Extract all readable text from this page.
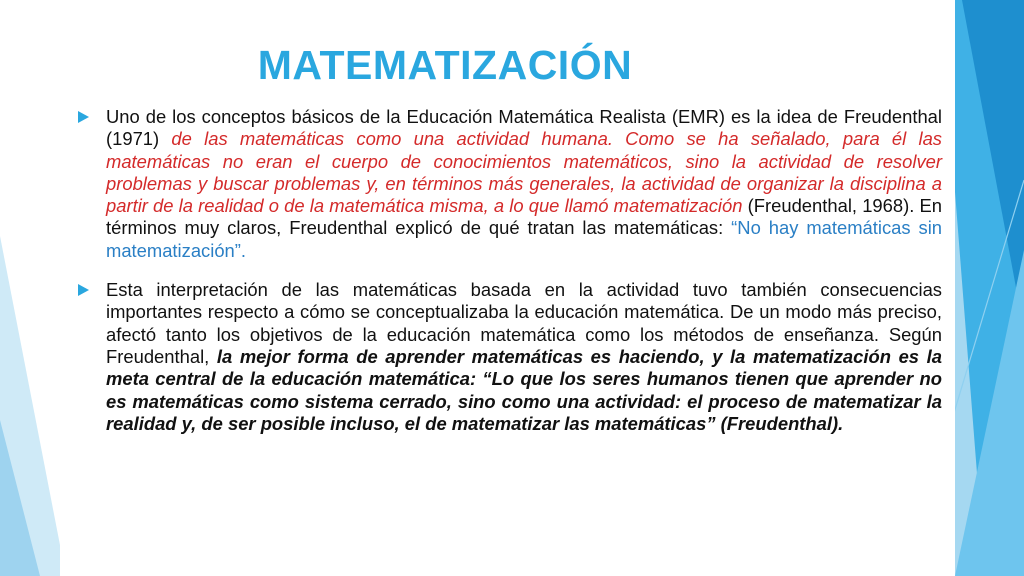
MATEMATIZACIÓN
Uno de los conceptos básicos de la Educación Matemática Realista (EMR) es la idea de Freudenthal (1971) de las matemáticas como una actividad humana. Como se ha señalado, para él las matemáticas no eran el cuerpo de conocimientos matemáticos, sino la actividad de resolver problemas y buscar problemas y, en términos más generales, la actividad de organizar la disciplina a partir de la realidad o de la matemática misma, a lo que llamó matematización (Freudenthal, 1968). En términos muy claros, Freudenthal explicó de qué tratan las matemáticas: “No hay matemáticas sin matematización”.
Esta interpretación de las matemáticas basada en la actividad tuvo también consecuencias importantes respecto a cómo se conceptualizaba la educación matemática. De un modo más preciso, afectó tanto los objetivos de la educación matemática como los métodos de enseñanza. Según Freudenthal, la mejor forma de aprender matemáticas es haciendo, y la matematización es la meta central de la educación matemática: “Lo que los seres humanos tienen que aprender no es matemáticas como sistema cerrado, sino como una actividad: el proceso de matematizar la realidad y, de ser posible incluso, el de matematizar las matemáticas” (Freudenthal).
